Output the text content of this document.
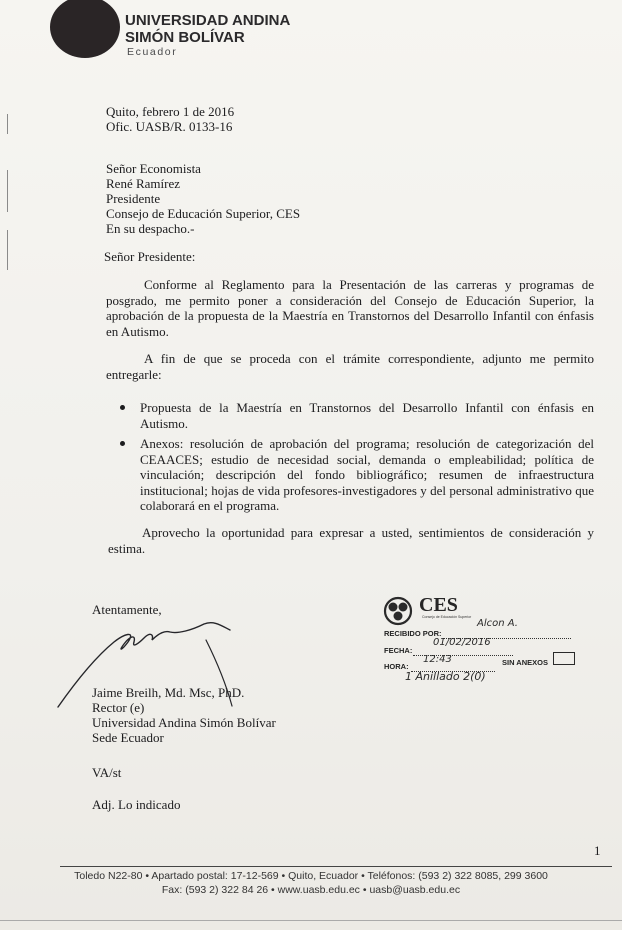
UNIVERSIDAD ANDINA
SIMÓN BOLÍVAR
Ecuador
Quito, febrero 1 de 2016
Ofic. UASB/R. 0133-16
Señor Economista
René Ramírez
Presidente
Consejo de Educación Superior, CES
En su despacho.-
Señor Presidente:
Conforme al Reglamento para la Presentación de las carreras y programas de posgrado, me permito poner a consideración del Consejo de Educación Superior, la aprobación de la propuesta de la Maestría en Transtornos del Desarrollo Infantil con énfasis en Autismo.
A fin de que se proceda con el trámite correspondiente, adjunto me permito entregarle:
Propuesta de la Maestría en Transtornos del Desarrollo Infantil con énfasis en Autismo.
Anexos: resolución de aprobación del programa; resolución de categorización del CEAACES; estudio de necesidad social, demanda o empleabilidad; política de vinculación; descripción del fondo bibliográfico; resumen de infraestructura institucional; hojas de vida profesores-investigadores y del personal administrativo que colaborará en el programa.
Aprovecho la oportunidad para expresar a usted, sentimientos de consideración y estima.
Atentamente,
Jaime Breilh, Md. Msc, PhD.
Rector (e)
Universidad Andina Simón Bolívar
Sede Ecuador
VA/st
Adj. Lo indicado
CES
Consejo de Educación Superior
RECIBIDO POR:
Alcon A.
FECHA:
01/02/2016
HORA:
12:43	SIN ANEXOS
1 Anillado 2(0)
1
Toledo N22-80 • Apartado postal: 17-12-569 • Quito, Ecuador • Teléfonos: (593 2) 322 8085, 299 3600
Fax: (593 2) 322 84 26 • www.uasb.edu.ec • uasb@uasb.edu.ec
